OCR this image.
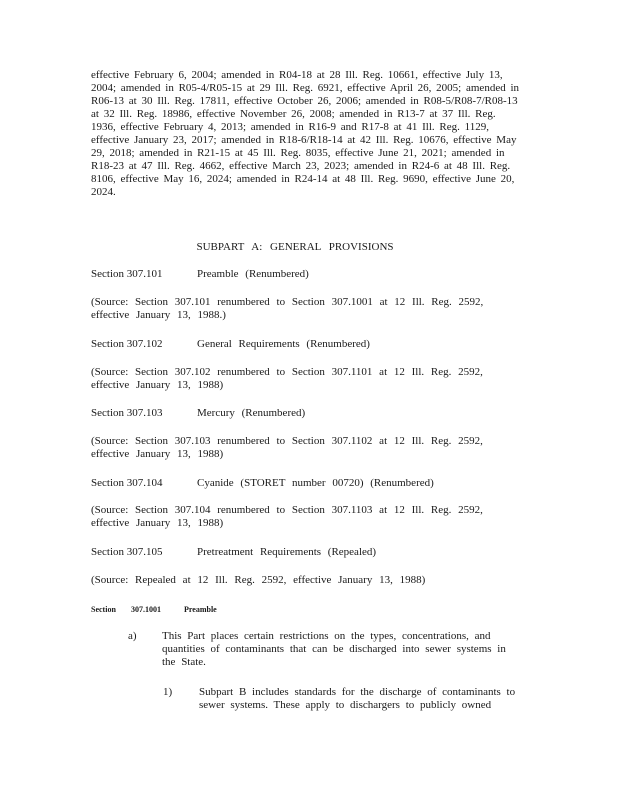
effective February 6, 2004; amended in R04-18 at 28 Ill. Reg. 10661, effective July 13, 2004; amended in R05-4/R05-15 at 29 Ill. Reg. 6921, effective April 26, 2005; amended in R06-13 at 30 Ill. Reg. 17811, effective October 26, 2006; amended in R08-5/R08-7/R08-13 at 32 Ill. Reg. 18986, effective November 26, 2008; amended in R13-7 at 37 Ill. Reg. 1936, effective February 4, 2013; amended in R16-9 and R17-8 at 41 Ill. Reg. 1129, effective January 23, 2017; amended in R18-6/R18-14 at 42 Ill. Reg. 10676, effective May 29, 2018; amended in R21-15 at 45 Ill. Reg. 8035, effective June 21, 2021; amended in R18-23 at 47 Ill. Reg. 4662, effective March 23, 2023; amended in R24-6 at 48 Ill. Reg. 8106, effective May 16, 2024; amended in R24-14 at 48 Ill. Reg. 9690, effective June 20, 2024.

SUBPART A: GENERAL PROVISIONS

Section 307.101	Preamble (Renumbered)

(Source: Section 307.101 renumbered to Section 307.1001 at 12 Ill. Reg. 2592, effective January 13, 1988.)

Section 307.102	General Requirements (Renumbered)

(Source: Section 307.102 renumbered to Section 307.1101 at 12 Ill. Reg. 2592, effective January 13, 1988)

Section 307.103	Mercury (Renumbered)

(Source: Section 307.103 renumbered to Section 307.1102 at 12 Ill. Reg. 2592, effective January 13, 1988)

Section 307.104	Cyanide (STORET number 00720) (Renumbered)

(Source: Section 307.104 renumbered to Section 307.1103 at 12 Ill. Reg. 2592, effective January 13, 1988)

Section 307.105	Pretreatment Requirements (Repealed)

(Source: Repealed at 12 Ill. Reg. 2592, effective January 13, 1988)

Section 307.1001	Preamble

a) This Part places certain restrictions on the types, concentrations, and quantities of contaminants that can be discharged into sewer systems in the State.
1) Subpart B includes standards for the discharge of contaminants to sewer systems. These apply to dischargers to publicly owned
